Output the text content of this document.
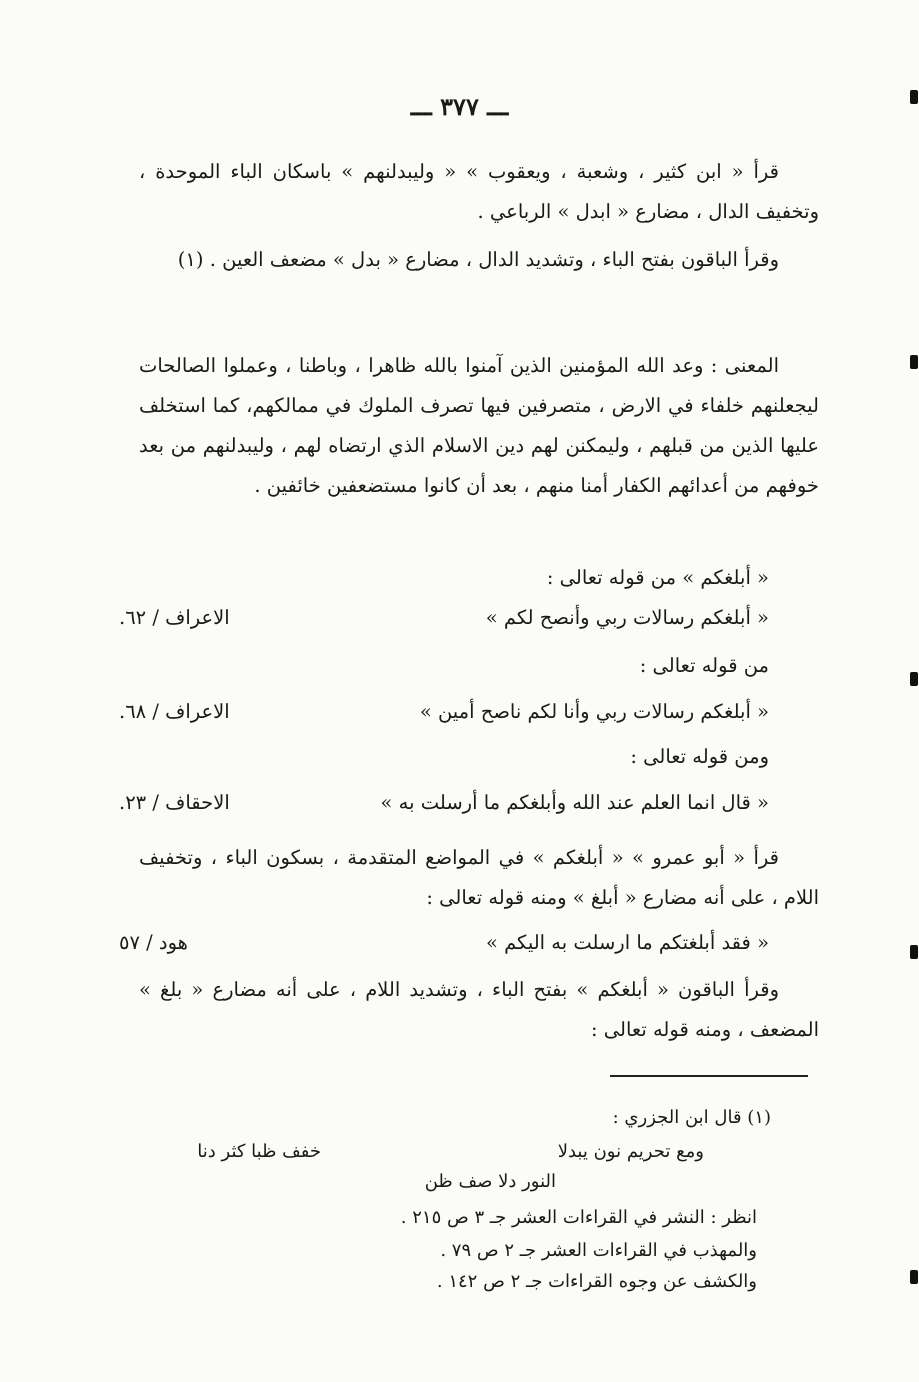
ـــ ٣٧٧ ـــ

قرأ « ابن كثير ، وشعبة ، ويعقوب » « وليبدلنهم » باسكان الباء الموحدة ، وتخفيف الدال ، مضارع « ابدل » الرباعي .

وقرأ الباقون بفتح الباء ، وتشديد الدال ، مضارع « بدل » مضعف العين . (١)

المعنى : وعد الله المؤمنين الذين آمنوا بالله ظاهرا ، وباطنا ، وعملوا الصالحات ليجعلنهم خلفاء في الارض ، متصرفين فيها تصرف الملوك في ممالكهم، كما استخلف عليها الذين من قبلهم ، وليمكنن لهم دين الاسلام الذي ارتضاه لهم ، وليبدلنهم من بعد خوفهم من أعدائهم الكفار أمنا منهم ، بعد أن كانوا مستضعفين خائفين .

« أبلغكم » من قوله تعالى :
« أبلغكم رسالات ربي وأنصح لكم »
الاعراف / ٦٢.
من قوله تعالى :
« أبلغكم رسالات ربي وأنا لكم ناصح أمين »
الاعراف / ٦٨.
ومن قوله تعالى :
« قال انما العلم عند الله وأبلغكم ما أرسلت به »
الاحقاف / ٢٣.

قرأ « أبو عمرو » « أبلغكم » في المواضع المتقدمة ، بسكون الباء ، وتخفيف اللام ، على أنه مضارع « أبلغ » ومنه قوله تعالى :

« فقد أبلغتكم ما ارسلت به اليكم »
هود / ٥٧

وقرأ الباقون « أبلغكم » بفتح الباء ، وتشديد اللام ، على أنه مضارع « بلغ » المضعف ، ومنه قوله تعالى :

(١) قال ابن الجزري :
ومع تحريم نون يبدلا
خفف ظبا كثر دنا
النور دلا صف ظن
انظر : النشر في القراءات العشر جـ ٣ ص ٢١٥ .
والمهذب في القراءات العشر جـ ٢ ص ٧٩ .
والكشف عن وجوه القراءات جـ ٢ ص ١٤٢ .
